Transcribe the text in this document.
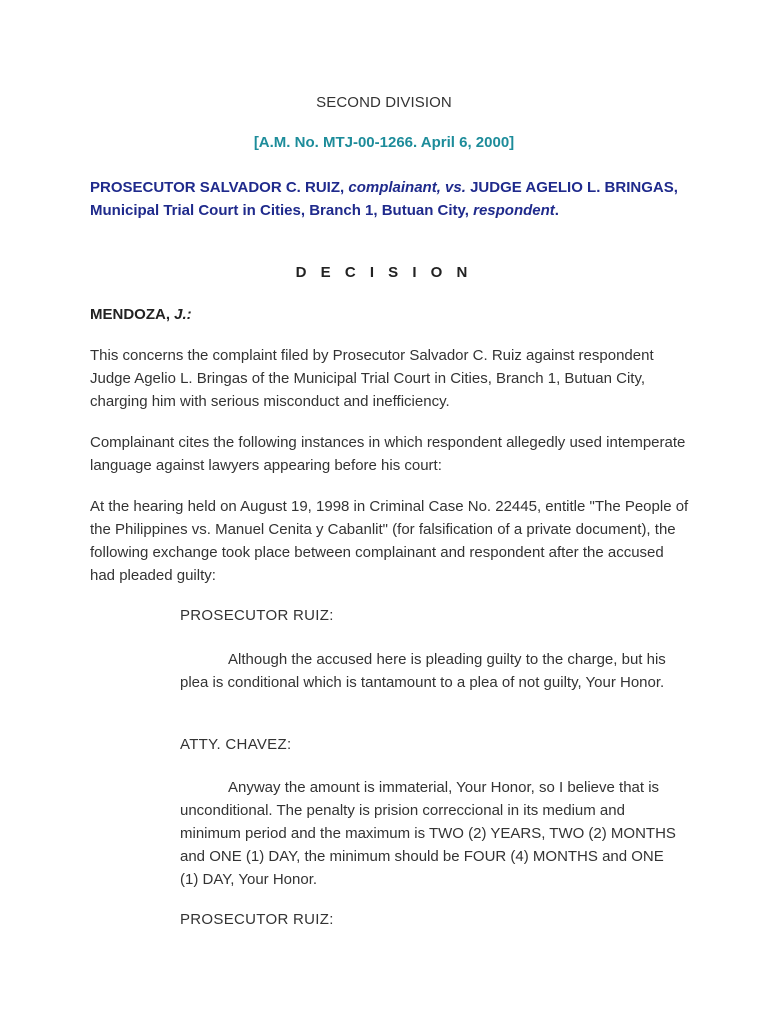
SECOND DIVISION
[A.M. No. MTJ-00-1266. April 6, 2000]
PROSECUTOR SALVADOR C. RUIZ, complainant, vs. JUDGE AGELIO L. BRINGAS, Municipal Trial Court in Cities, Branch 1, Butuan City, respondent.
D E C I S I O N
MENDOZA, J.:

This concerns the complaint filed by Prosecutor Salvador C. Ruiz against respondent Judge Agelio L. Bringas of the Municipal Trial Court in Cities, Branch 1, Butuan City, charging him with serious misconduct and inefficiency.

Complainant cites the following instances in which respondent allegedly used intemperate language against lawyers appearing before his court:

At the hearing held on August 19, 1998 in Criminal Case No. 22445, entitle "The People of the Philippines vs. Manuel Cenita y Cabanlit" (for falsification of a private document), the following exchange took place between complainant and respondent after the accused had pleaded guilty:

PROSECUTOR RUIZ:

Although the accused here is pleading guilty to the charge, but his plea is conditional which is tantamount to a plea of not guilty, Your Honor.

ATTY. CHAVEZ:

Anyway the amount is immaterial, Your Honor, so I believe that is unconditional. The penalty is prision correccional in its medium and minimum period and the maximum is TWO (2) YEARS, TWO (2) MONTHS and ONE (1) DAY, the minimum should be FOUR (4) MONTHS and ONE (1) DAY, Your Honor.

PROSECUTOR RUIZ:
